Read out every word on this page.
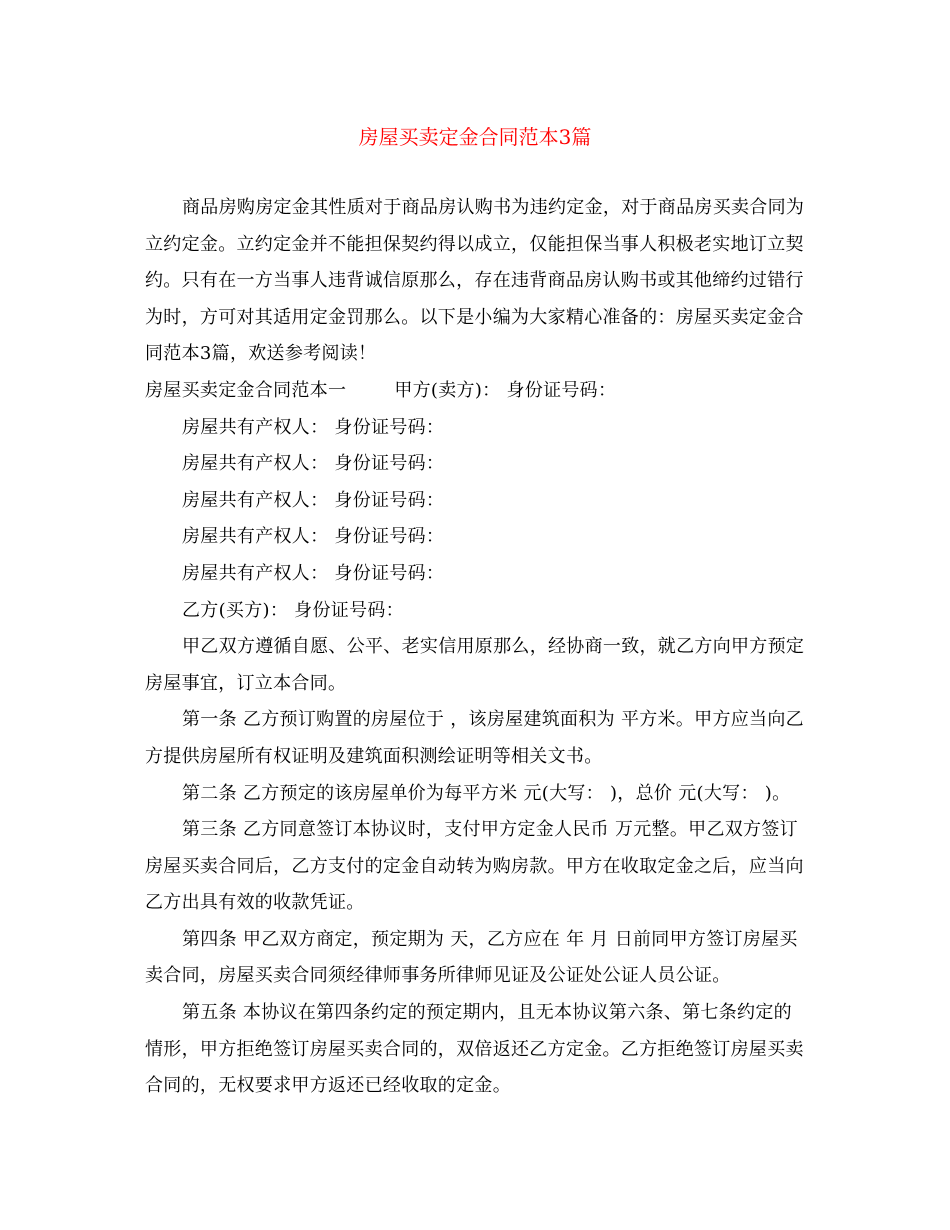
房屋买卖定金合同范本3篇

商品房购房定金其性质对于商品房认购书为违约定金，对于商品房买卖合同为立约定金。立约定金并不能担保契约得以成立，仅能担保当事人积极老实地订立契约。只有在一方当事人违背诚信原那么，存在违背商品房认购书或其他缔约过错行为时，方可对其适用定金罚那么。以下是小编为大家精心准备的：房屋买卖定金合同范本3篇，欢送参考阅读！

房屋买卖定金合同范本一	甲方(卖方)： 身份证号码：

房屋共有产权人： 身份证号码：

房屋共有产权人： 身份证号码：

房屋共有产权人： 身份证号码：

房屋共有产权人： 身份证号码：

房屋共有产权人： 身份证号码：

乙方(买方)： 身份证号码：

甲乙双方遵循自愿、公平、老实信用原那么，经协商一致，就乙方向甲方预定房屋事宜，订立本合同。

第一条 乙方预订购置的房屋位于 ，该房屋建筑面积为 平方米。甲方应当向乙方提供房屋所有权证明及建筑面积测绘证明等相关文书。

第二条 乙方预定的该房屋单价为每平方米 元(大写： )，总价 元(大写： )。

第三条 乙方同意签订本协议时，支付甲方定金人民币 万元整。甲乙双方签订房屋买卖合同后，乙方支付的定金自动转为购房款。甲方在收取定金之后，应当向乙方出具有效的收款凭证。

第四条 甲乙双方商定，预定期为 天，乙方应在 年 月 日前同甲方签订房屋买卖合同，房屋买卖合同须经律师事务所律师见证及公证处公证人员公证。

第五条 本协议在第四条约定的预定期内，且无本协议第六条、第七条约定的情形，甲方拒绝签订房屋买卖合同的，双倍返还乙方定金。乙方拒绝签订房屋买卖合同的，无权要求甲方返还已经收取的定金。
